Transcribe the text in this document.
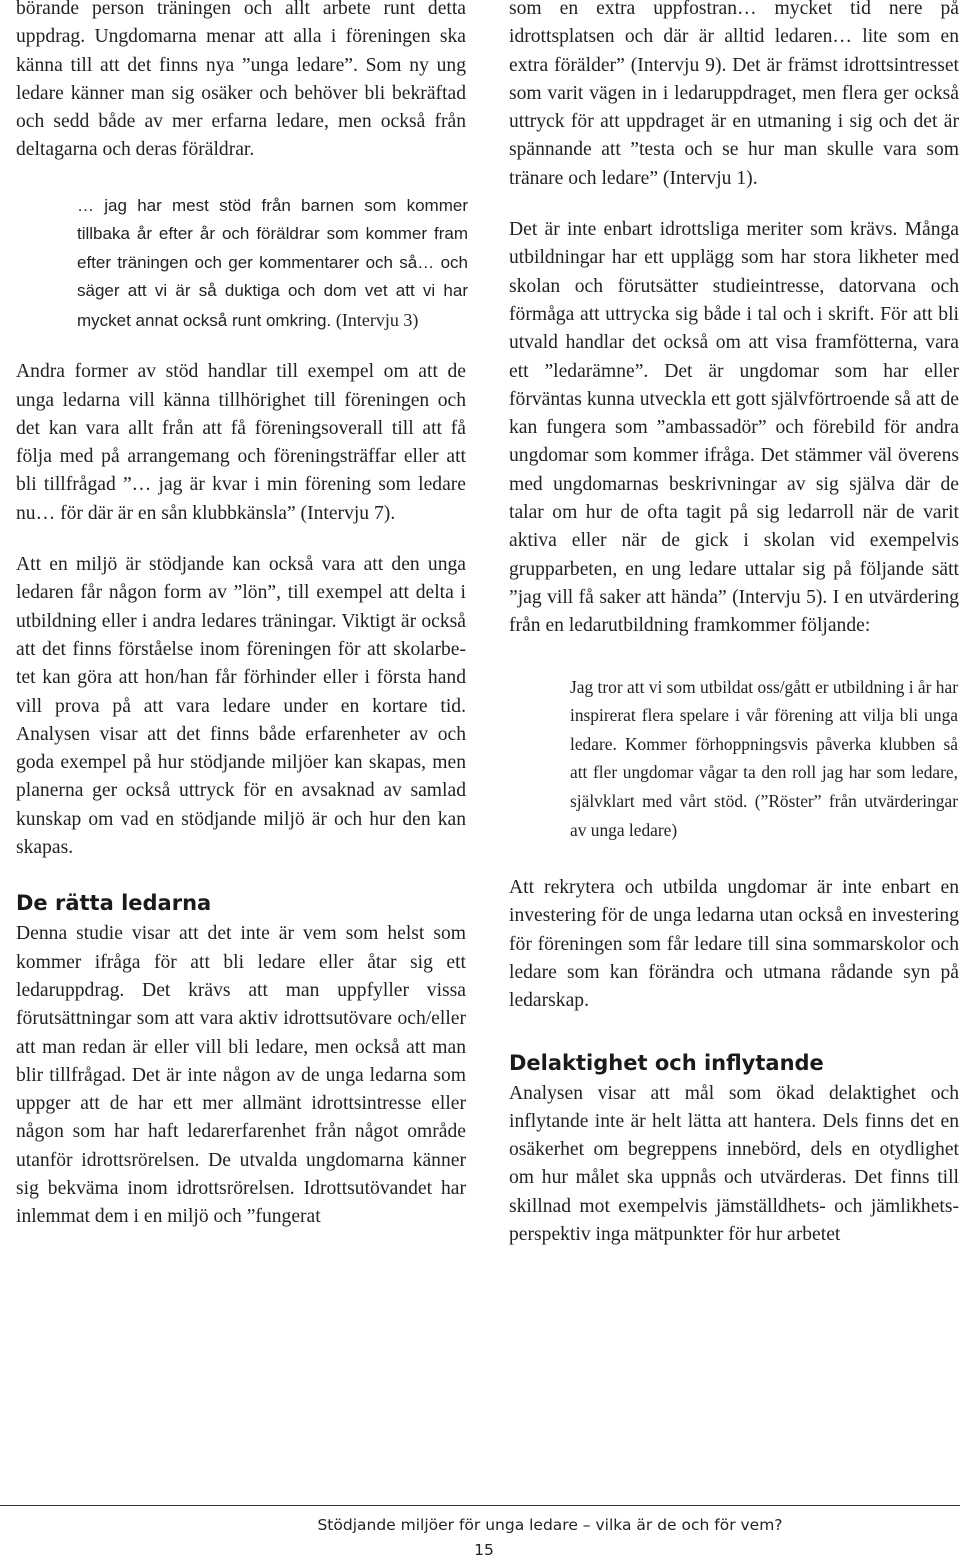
börande person träningen och allt arbete runt detta uppdrag. Ungdomarna menar att alla i föreningen ska känna till att det finns nya ”unga ledare”. Som ny ung ledare känner man sig osäker och behöver bli bekräftad och sedd både av mer erfarna ledare, men också från deltagarna och deras föräldrar.

… jag har mest stöd från barnen som kommer tillbaka år efter år och föräldrar som kommer fram efter träningen och ger kommentarer och så… och säger att vi är så duktiga och dom vet att vi har mycket annat också runt omkring. (Intervju 3)

Andra former av stöd handlar till exempel om att de unga ledarna vill känna tillhörighet till föreningen och det kan vara allt från att få föreningsoverall till att få följa med på arrangemang och föreningsträffar eller att bli tillfrågad ”… jag är kvar i min förening som ledare nu… för där är en sån klubbkänsla” (Intervju 7).

Att en miljö är stödjande kan också vara att den unga ledaren får någon form av ”lön”, till exempel att delta i utbildning eller i andra ledares träningar. Viktigt är också att det finns förståelse inom föreningen för att skolarbetet kan göra att hon/han får förhinder eller i första hand vill prova på att vara ledare under en kortare tid. Analysen visar att det finns både erfarenheter av och goda exempel på hur stödjande miljöer kan skapas, men planerna ger också uttryck för en avsaknad av samlad kunskap om vad en stödjande miljö är och hur den kan skapas.

De rätta ledarna

Denna studie visar att det inte är vem som helst som kommer ifråga för att bli ledare eller åtar sig ett ledaruppdrag. Det krävs att man uppfyller vissa förutsättningar som att vara aktiv idrottsutövare och/eller att man redan är eller vill bli ledare, men också att man blir tillfrågad. Det är inte någon av de unga ledarna som uppger att de har ett mer allmänt idrottsintresse eller någon som har haft ledarerfarenhet från något område utanför idrottsrörelsen. De utvalda ungdomarna känner sig bekväma inom idrottsrörelsen. Idrottsutövandet har inlemmat dem i en miljö och ”fungerat

som en extra uppfostran… mycket tid nere på idrottsplatsen och där är alltid ledaren… lite som en extra förälder” (Intervju 9). Det är främst idrottsintresset som varit vägen in i ledaruppdraget, men flera ger också uttryck för att uppdraget är en utmaning i sig och det är spännande att ”testa och se hur man skulle vara som tränare och ledare” (Intervju 1).

Det är inte enbart idrottsliga meriter som krävs. Många utbildningar har ett upplägg som har stora likheter med skolan och förutsätter studieintresse, datorvana och förmåga att uttrycka sig både i tal och i skrift. För att bli utvald handlar det också om att visa framfötterna, vara ett ”ledarämne”. Det är ungdomar som har eller förväntas kunna utveckla ett gott självförtroende så att de kan fungera som ”ambassadör” och förebild för andra ungdomar som kommer ifråga. Det stämmer väl överens med ungdomarnas beskrivningar av sig själva där de talar om hur de ofta tagit på sig ledarroll när de varit aktiva eller när de gick i skolan vid exempelvis grupparbeten, en ung ledare uttalar sig på följande sätt ”jag vill få saker att hända” (Intervju 5). I en utvärdering från en ledarutbildning framkommer följande:

Jag tror att vi som utbildat oss/gått er utbildning i år har inspirerat flera spelare i vår förening att vilja bli unga ledare. Kommer förhoppningsvis påverka klubben så att fler ungdomar vågar ta den roll jag har som ledare, självklart med vårt stöd. (”Röster” från utvärderingar av unga ledare)

Att rekrytera och utbilda ungdomar är inte enbart en investering för de unga ledarna utan också en investering för föreningen som får ledare till sina sommarskolor och ledare som kan förändra och utmana rådande syn på ledarskap.

Delaktighet och inflytande

Analysen visar att mål som ökad delaktighet och inflytande inte är helt lätta att hantera. Dels finns det en osäkerhet om begreppens innebörd, dels en otydlighet om hur målet ska uppnås och utvärderas. Det finns till skillnad mot exempelvis jämställdhets- och jämlikhetsperspektiv inga mätpunkter för hur arbetet

Stödjande miljöer för unga ledare – vilka är de och för vem?
15
